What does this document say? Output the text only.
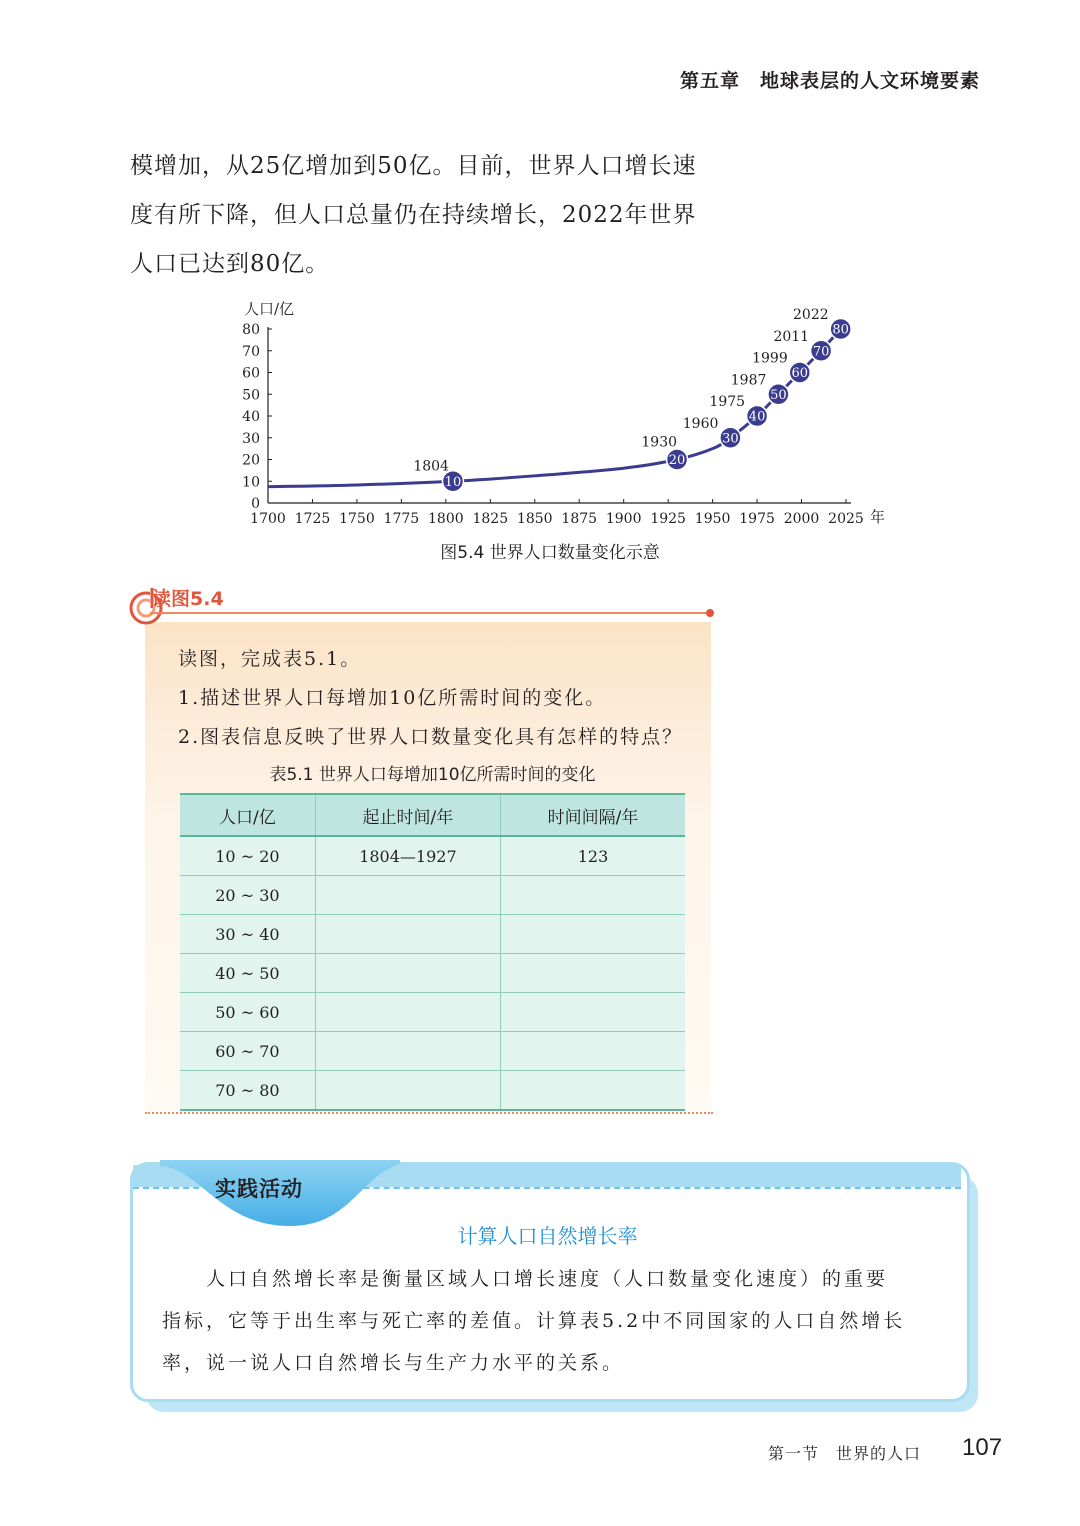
第五章　地球表层的人文环境要素

模增加，从25亿增加到50亿。目前，世界人口增长速

度有所下降，但人口总量仍在持续增长，2022年世界

人口已达到80亿。

1700 1725 1750 1775 1800 1825 1850 1875 1900 1925 1950 1975 2000 2025
0
10
20
30
40
50
60
70
80
10
1804	20
1930	30
1960 40
1975 50
1987 60
1999 70
2011 80
2022
人口/亿
年
图5.4 世界人口数量变化示意
读图5.4

读图，完成表5.1。

1.描述世界人口每增加10亿所需时间的变化。

2.图表信息反映了世界人口数量变化具有怎样的特点？

表5.1 世界人口每增加10亿所需时间的变化
人口/亿	起止时间/年	时间间隔/年
10 ~ 20	1804—1927	123
20 ~ 30		
30 ~ 40		
40 ~ 50		
50 ~ 60		
60 ~ 70		
70 ~ 80		
实践活动
计算人口自然增长率

　　人口自然增长率是衡量区域人口增长速度（人口数量变化速度）的重要

指标，它等于出生率与死亡率的差值。计算表5.2中不同国家的人口自然增长

率，说一说人口自然增长与生产力水平的关系。

第一节　世界的人口 107
